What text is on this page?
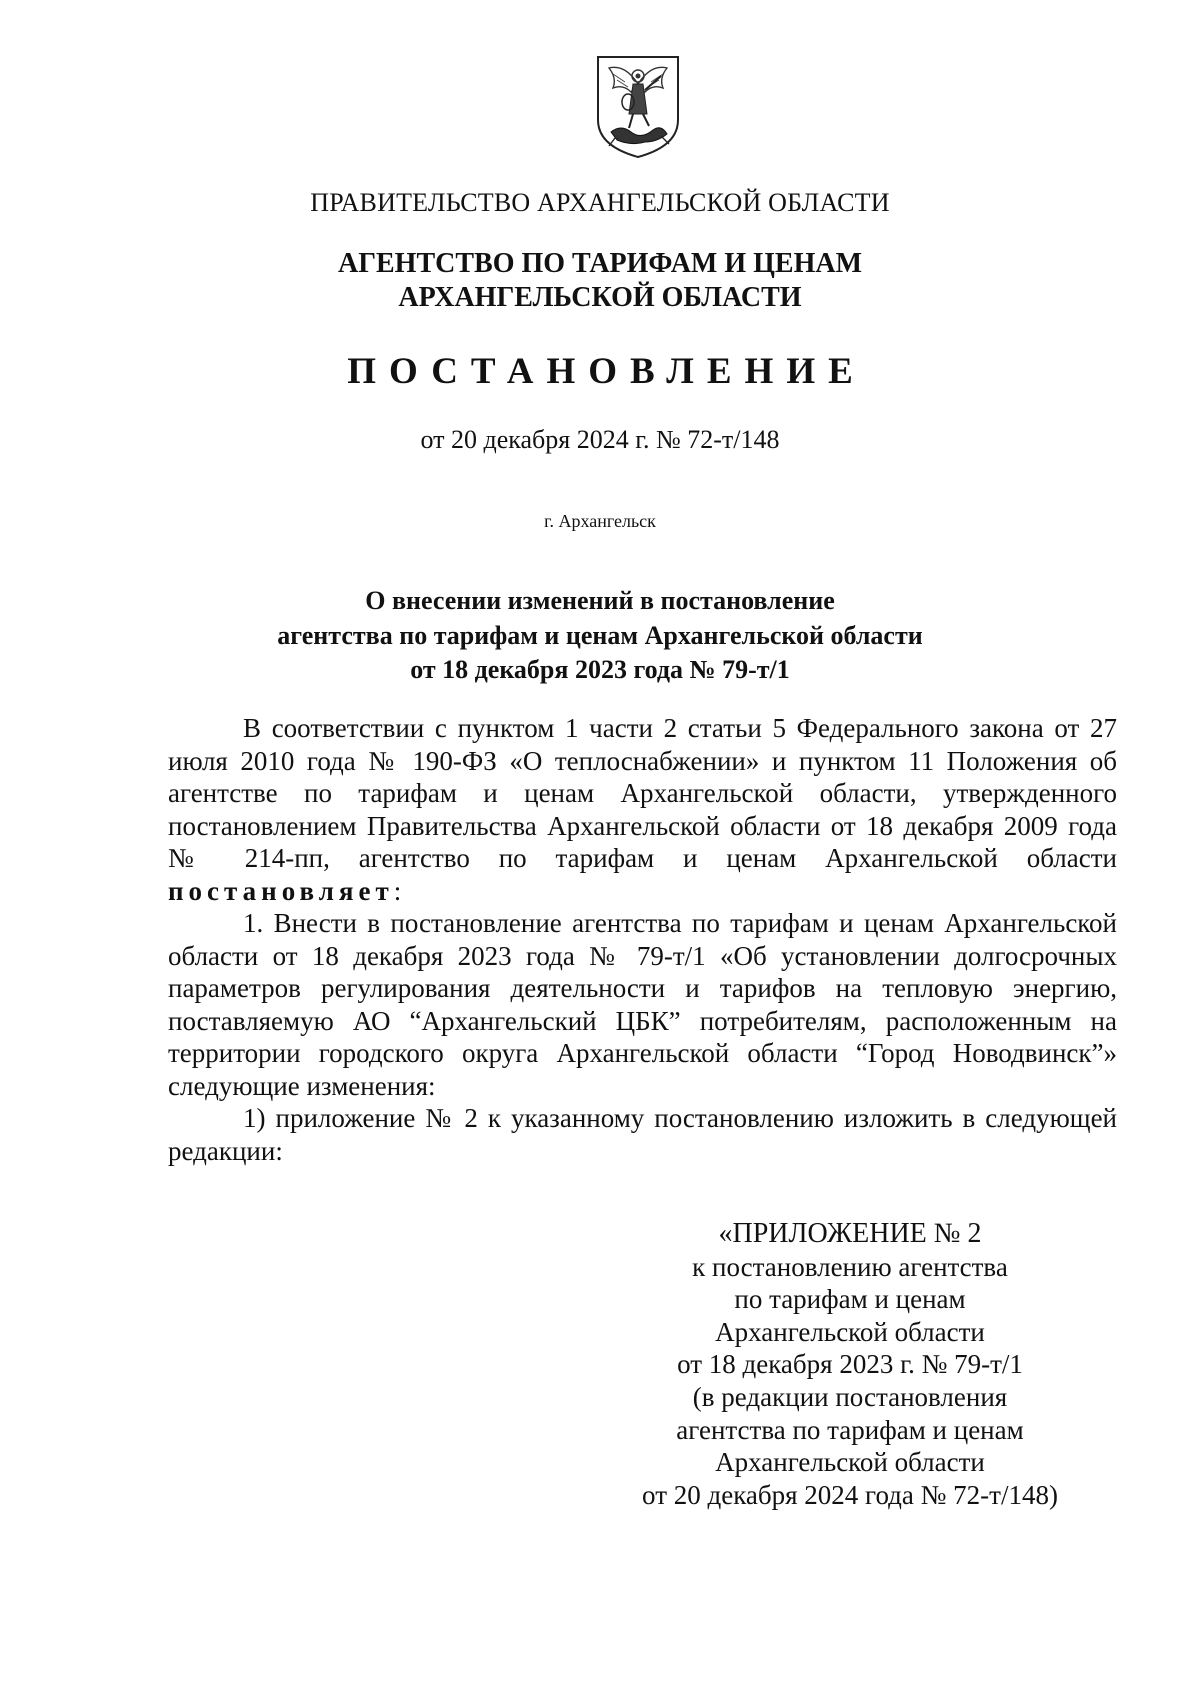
ПРАВИТЕЛЬСТВО АРХАНГЕЛЬСКОЙ ОБЛАСТИ
АГЕНТСТВО ПО ТАРИФАМ И ЦЕНАМ
АРХАНГЕЛЬСКОЙ ОБЛАСТИ
ПОСТАНОВЛЕНИЕ
от 20 декабря 2024 г. № 72-т/148
г. Архангельск
О внесении изменений в постановление
агентства по тарифам и ценам Архангельской области
от 18 декабря 2023 года № 79-т/1

В соответствии с пунктом 1 части 2 статьи 5 Федерального закона от 27 июля 2010 года № 190-ФЗ «О теплоснабжении» и пунктом 11 Положения об агентстве по тарифам и ценам Архангельской области, утвержденного постановлением Правительства Архангельской области от 18 декабря 2009 года № 214-пп, агентство по тарифам и ценам Архангельской области постановляет:

1. Внести в постановление агентства по тарифам и ценам Архангельской области от 18 декабря 2023 года № 79-т/1 «Об установлении долгосрочных параметров регулирования деятельности и тарифов на тепловую энергию, поставляемую АО “Архангельский ЦБК” потребителям, расположенным на территории городского округа Архангельской области “Город Новодвинск”» следующие изменения:

1) приложение № 2 к указанному постановлению изложить в следующей редакции:

«ПРИЛОЖЕНИЕ № 2
к постановлению агентства
по тарифам и ценам
Архангельской области
от 18 декабря 2023 г. № 79-т/1
(в редакции постановления
агентства по тарифам и ценам
Архангельской области
от 20 декабря 2024 года № 72-т/148)
